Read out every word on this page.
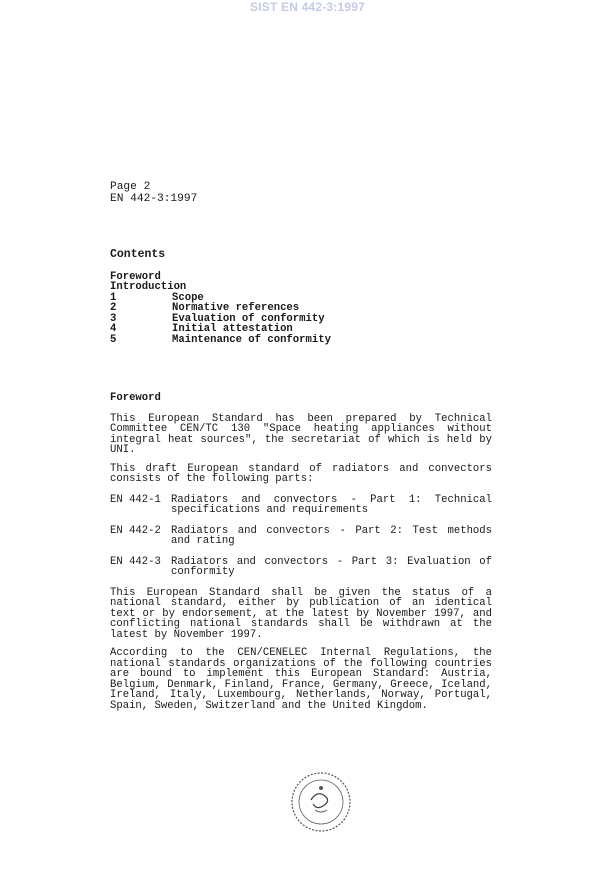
SIST EN 442-3:1997
Page 2
EN 442-3:1997
Contents
Foreword
Introduction
1	Scope
2	Normative references
3	Evaluation of conformity
4	Initial attestation
5	Maintenance of conformity
Foreword

This European Standard has been prepared by Technical Committee CEN/TC 130 "Space heating appliances without integral heat sources", the secretariat of which is held by UNI.

This draft European standard of radiators and convectors consists of the following parts:

EN 442-1 Radiators and convectors - Part 1: Technical specifications and requirements
EN 442-2 Radiators and convectors - Part 2: Test methods and rating
EN 442-3 Radiators and convectors - Part 3: Evaluation of conformity

This European Standard shall be given the status of a national standard, either by publication of an identical text or by endorsement, at the latest by November 1997, and conflicting national standards shall be withdrawn at the latest by November 1997.

According to the CEN/CENELEC Internal Regulations, the national standards organizations of the following countries are bound to implement this European Standard: Austria, Belgium, Denmark, Finland, France, Germany, Greece, Iceland, Ireland, Italy, Luxembourg, Netherlands, Norway, Portugal, Spain, Sweden, Switzerland and the United Kingdom.
